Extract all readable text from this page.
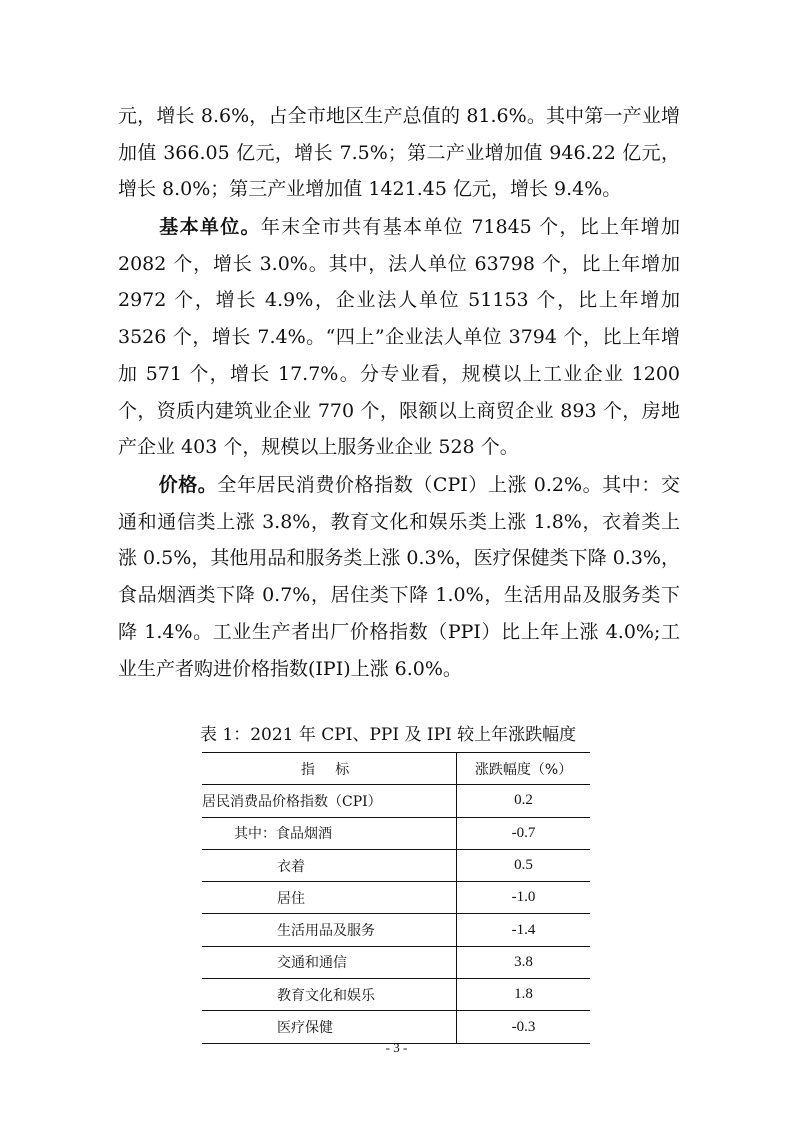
元，增长 8.6%，占全市地区生产总值的 81.6%。其中第一产业增加值 366.05 亿元，增长 7.5%；第二产业增加值 946.22 亿元，增长 8.0%；第三产业增加值 1421.45 亿元，增长 9.4%。

基本单位。年末全市共有基本单位 71845 个，比上年增加 2082 个，增长 3.0%。其中，法人单位 63798 个，比上年增加 2972 个，增长 4.9%，企业法人单位 51153 个，比上年增加 3526 个，增长 7.4%。“四上”企业法人单位 3794 个，比上年增加 571 个，增长 17.7%。分专业看，规模以上工业企业 1200 个，资质内建筑业企业 770 个，限额以上商贸企业 893 个，房地产企业 403 个，规模以上服务业企业 528 个。

价格。全年居民消费价格指数（CPI）上涨 0.2%。其中：交通和通信类上涨 3.8%，教育文化和娱乐类上涨 1.8%，衣着类上涨 0.5%，其他用品和服务类上涨 0.3%，医疗保健类下降 0.3%，食品烟酒类下降 0.7%，居住类下降 1.0%，生活用品及服务类下降 1.4%。工业生产者出厂价格指数（PPI）比上年上涨 4.0%;工业生产者购进价格指数(IPI)上涨 6.0%。

表 1：2021 年 CPI、PPI 及 IPI 较上年涨跌幅度
指 标	涨跌幅度（%）
居民消费品价格指数（CPI）	0.2
其中：食品烟酒	-0.7
衣着	0.5
居住	-1.0
生活用品及服务	-1.4
交通和通信	3.8
教育文化和娱乐	1.8
医疗保健	-0.3
- 3 -
